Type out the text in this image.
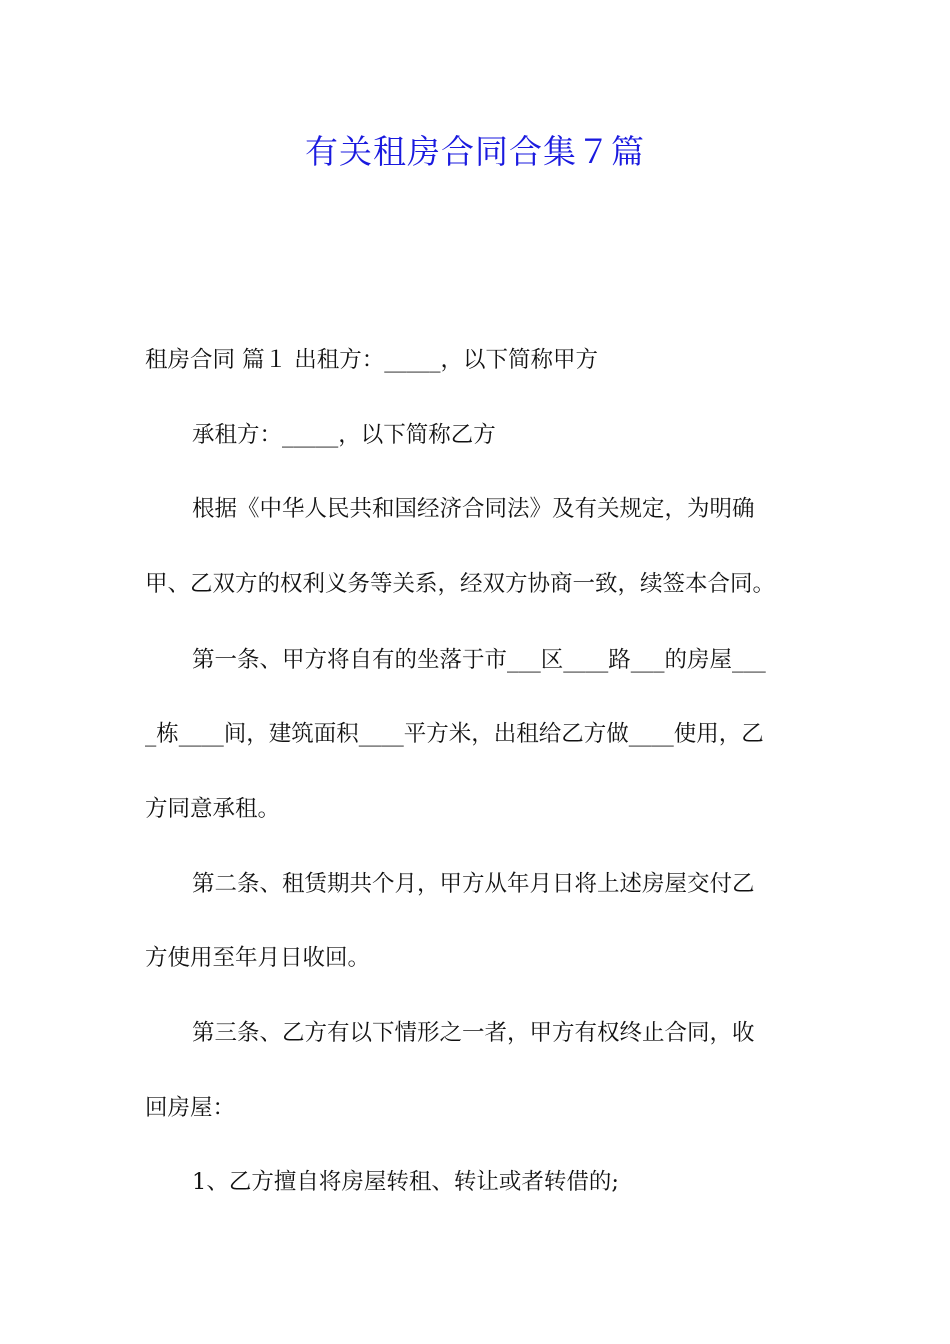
有关租房合同合集７篇
租房合同 篇１ 出租方：_____，以下简称甲方
承租方：_____，以下简称乙方
根据《中华人民共和国经济合同法》及有关规定，为明确
甲、乙双方的权利义务等关系，经双方协商一致，续签本合同。
第一条、甲方将自有的坐落于市___区____路___的房屋___
_栋____间，建筑面积____平方米，出租给乙方做____使用，乙
方同意承租。
第二条、租赁期共个月，甲方从年月日将上述房屋交付乙
方使用至年月日收回。
第三条、乙方有以下情形之一者，甲方有权终止合同，收
回房屋：
1、乙方擅自将房屋转租、转让或者转借的;
